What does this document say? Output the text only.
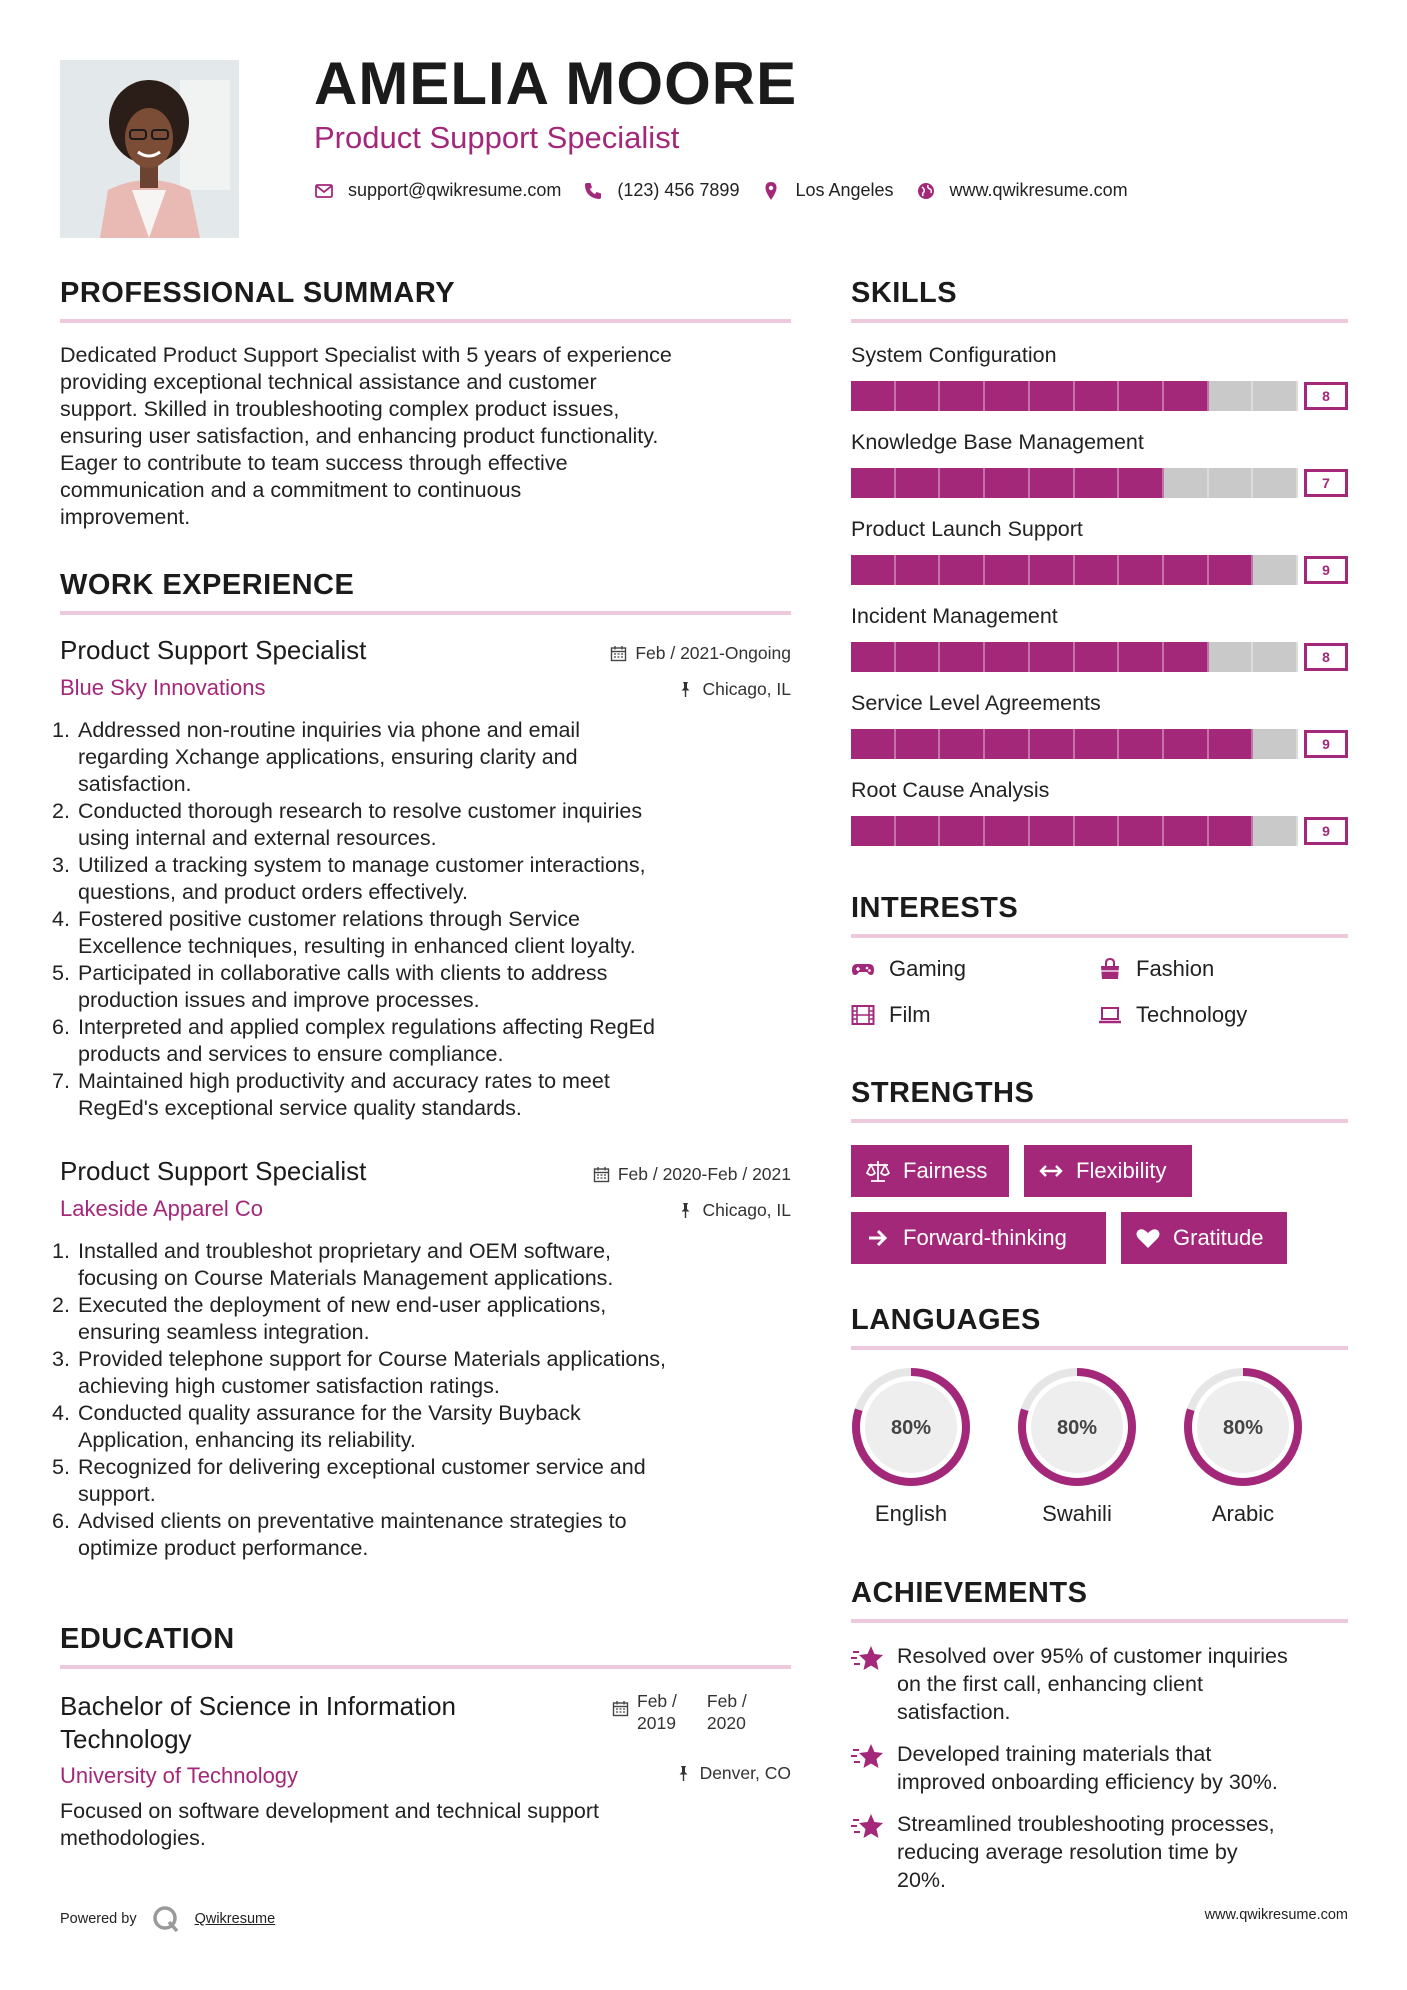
AMELIA MOORE
Product Support Specialist
support@qwikresume.com	(123) 456 7899	Los Angeles	www.qwikresume.com
PROFESSIONAL SUMMARY
Dedicated Product Support Specialist with 5 years of experience
providing exceptional technical assistance and customer
support. Skilled in troubleshooting complex product issues,
ensuring user satisfaction, and enhancing product functionality.
Eager to contribute to team success through effective
communication and a commitment to continuous
improvement.
WORK EXPERIENCE
Product Support Specialist
Blue Sky Innovations
Feb / 2021-Ongoing
Chicago, IL
1. Addressed non-routine inquiries via phone and email
regarding Xchange applications, ensuring clarity and
satisfaction.
2. Conducted thorough research to resolve customer inquiries
using internal and external resources.
3. Utilized a tracking system to manage customer interactions,
questions, and product orders effectively.
4. Fostered positive customer relations through Service
Excellence techniques, resulting in enhanced client loyalty.
5. Participated in collaborative calls with clients to address
production issues and improve processes.
6. Interpreted and applied complex regulations affecting RegEd
products and services to ensure compliance.
7. Maintained high productivity and accuracy rates to meet
RegEd's exceptional service quality standards.
Product Support Specialist
Lakeside Apparel Co
Feb / 2020-Feb / 2021
Chicago, IL
1. Installed and troubleshot proprietary and OEM software,
focusing on Course Materials Management applications.
2. Executed the deployment of new end-user applications,
ensuring seamless integration.
3. Provided telephone support for Course Materials applications,
achieving high customer satisfaction ratings.
4. Conducted quality assurance for the Varsity Buyback
Application, enhancing its reliability.
5. Recognized for delivering exceptional customer service and
support.
6. Advised clients on preventative maintenance strategies to
optimize product performance.
EDUCATION
Bachelor of Science in Information
Technology
Feb /
2019
Feb /
2020
University of Technology	Denver, CO
Focused on software development and technical support
methodologies.
SKILLS
System Configuration
8
Knowledge Base Management
7
Product Launch Support
9
Incident Management
8
Service Level Agreements
9
Root Cause Analysis
9
INTERESTS
Gaming	Fashion
Film	Technology
STRENGTHS
Fairness	Flexibility
Forward-thinking	Gratitude
LANGUAGES
80%
English
80%
Swahili
80%
Arabic
ACHIEVEMENTS
Resolved over 95% of customer inquiries
on the first call, enhancing client
satisfaction.
Developed training materials that
improved onboarding efficiency by 30%.
Streamlined troubleshooting processes,
reducing average resolution time by
20%.
Powered by	Qwikresume	www.qwikresume.com
